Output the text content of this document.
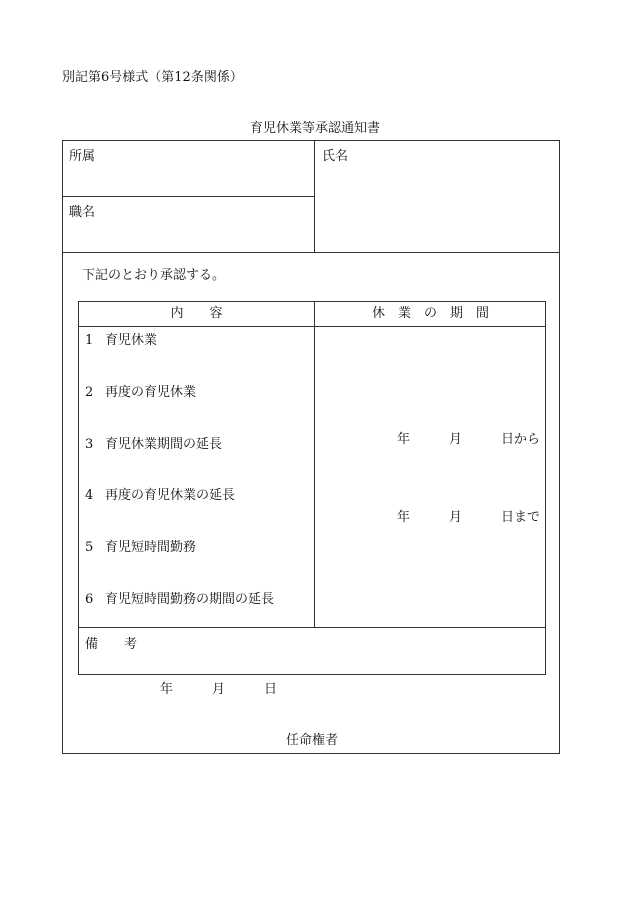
別記第6号様式（第12条関係）
育児休業等承認通知書
所属	氏名
職名
下記のとおり承認する。
内　　容	休　業　の　期　間
1 育児休業
2 再度の育児休業
3 育児休業期間の延長
4 再度の育児休業の延長
5 育児短時間勤務
6 育児短時間勤務の期間の延長
年	月	日から
年	月	日まで
備　　考
年	月	日
任命権者
